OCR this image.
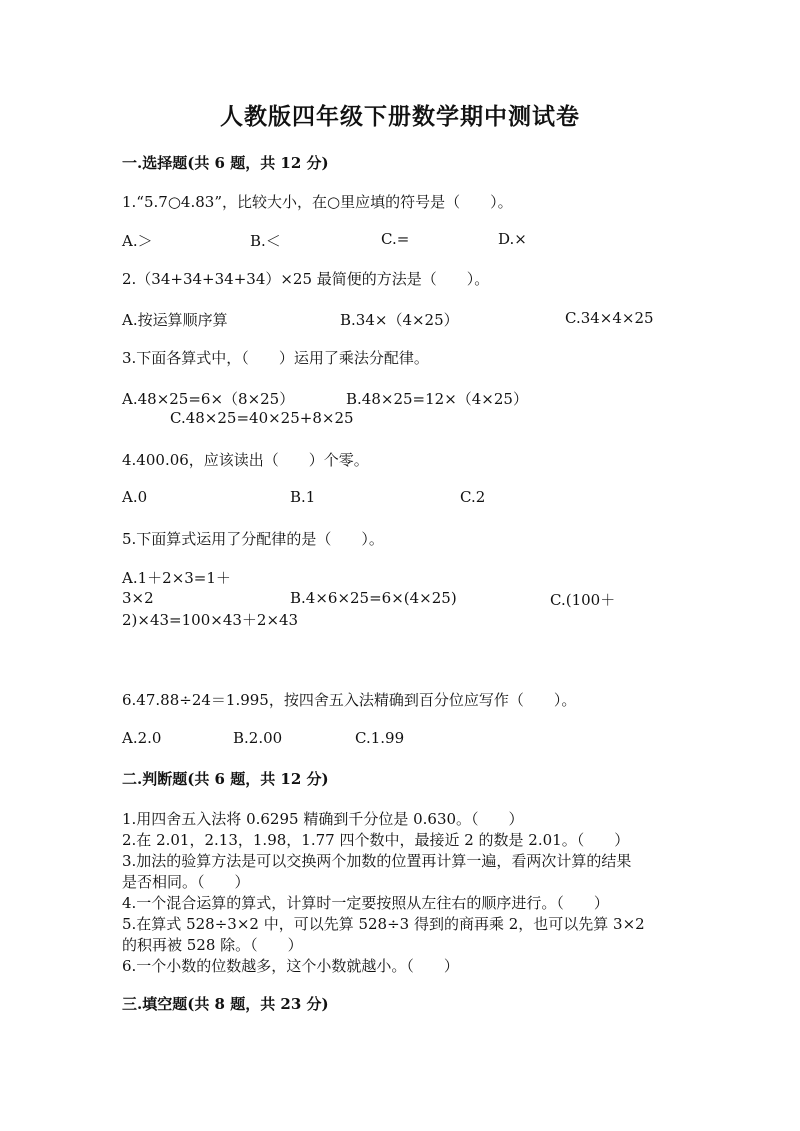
人教版四年级下册数学期中测试卷
一.选择题(共 6 题，共 12 分)
1.“5.7○4.83”，比较大小，在○里应填的符号是（　　）。
A.＞	B.＜	C.=	D.×
2.（34+34+34+34）×25 最简便的方法是（　　）。
A.按运算顺序算	B.34×（4×25）	C.34×4×25
3.下面各算式中，（　　）运用了乘法分配律。
A.48×25=6×（8×25）	B.48×25=12×（4×25）
C.48×25=40×25+8×25
4.400.06，应该读出（　　）个零。
A.0	B.1	C.2
5.下面算式运用了分配律的是（　　）。
A.1＋2×3=1＋
3×2	B.4×6×25=6×(4×25)	C.(100＋
2)×43=100×43＋2×43
6.47.88÷24＝1.995，按四舍五入法精确到百分位应写作（　　）。
A.2.0	B.2.00	C.1.99
二.判断题(共 6 题，共 12 分)
1.用四舍五入法将 0.6295 精确到千分位是 0.630。（　　）
2.在 2.01，2.13，1.98，1.77 四个数中，最接近 2 的数是 2.01。（　　）
3.加法的验算方法是可以交换两个加数的位置再计算一遍，看两次计算的结果
是否相同。（　　）
4.一个混合运算的算式，计算时一定要按照从左往右的顺序进行。（　　）
5.在算式 528÷3×2 中，可以先算 528÷3 得到的商再乘 2，也可以先算 3×2
的积再被 528 除。（　　）
6.一个小数的位数越多，这个小数就越小。（　　）
三.填空题(共 8 题，共 23 分)
